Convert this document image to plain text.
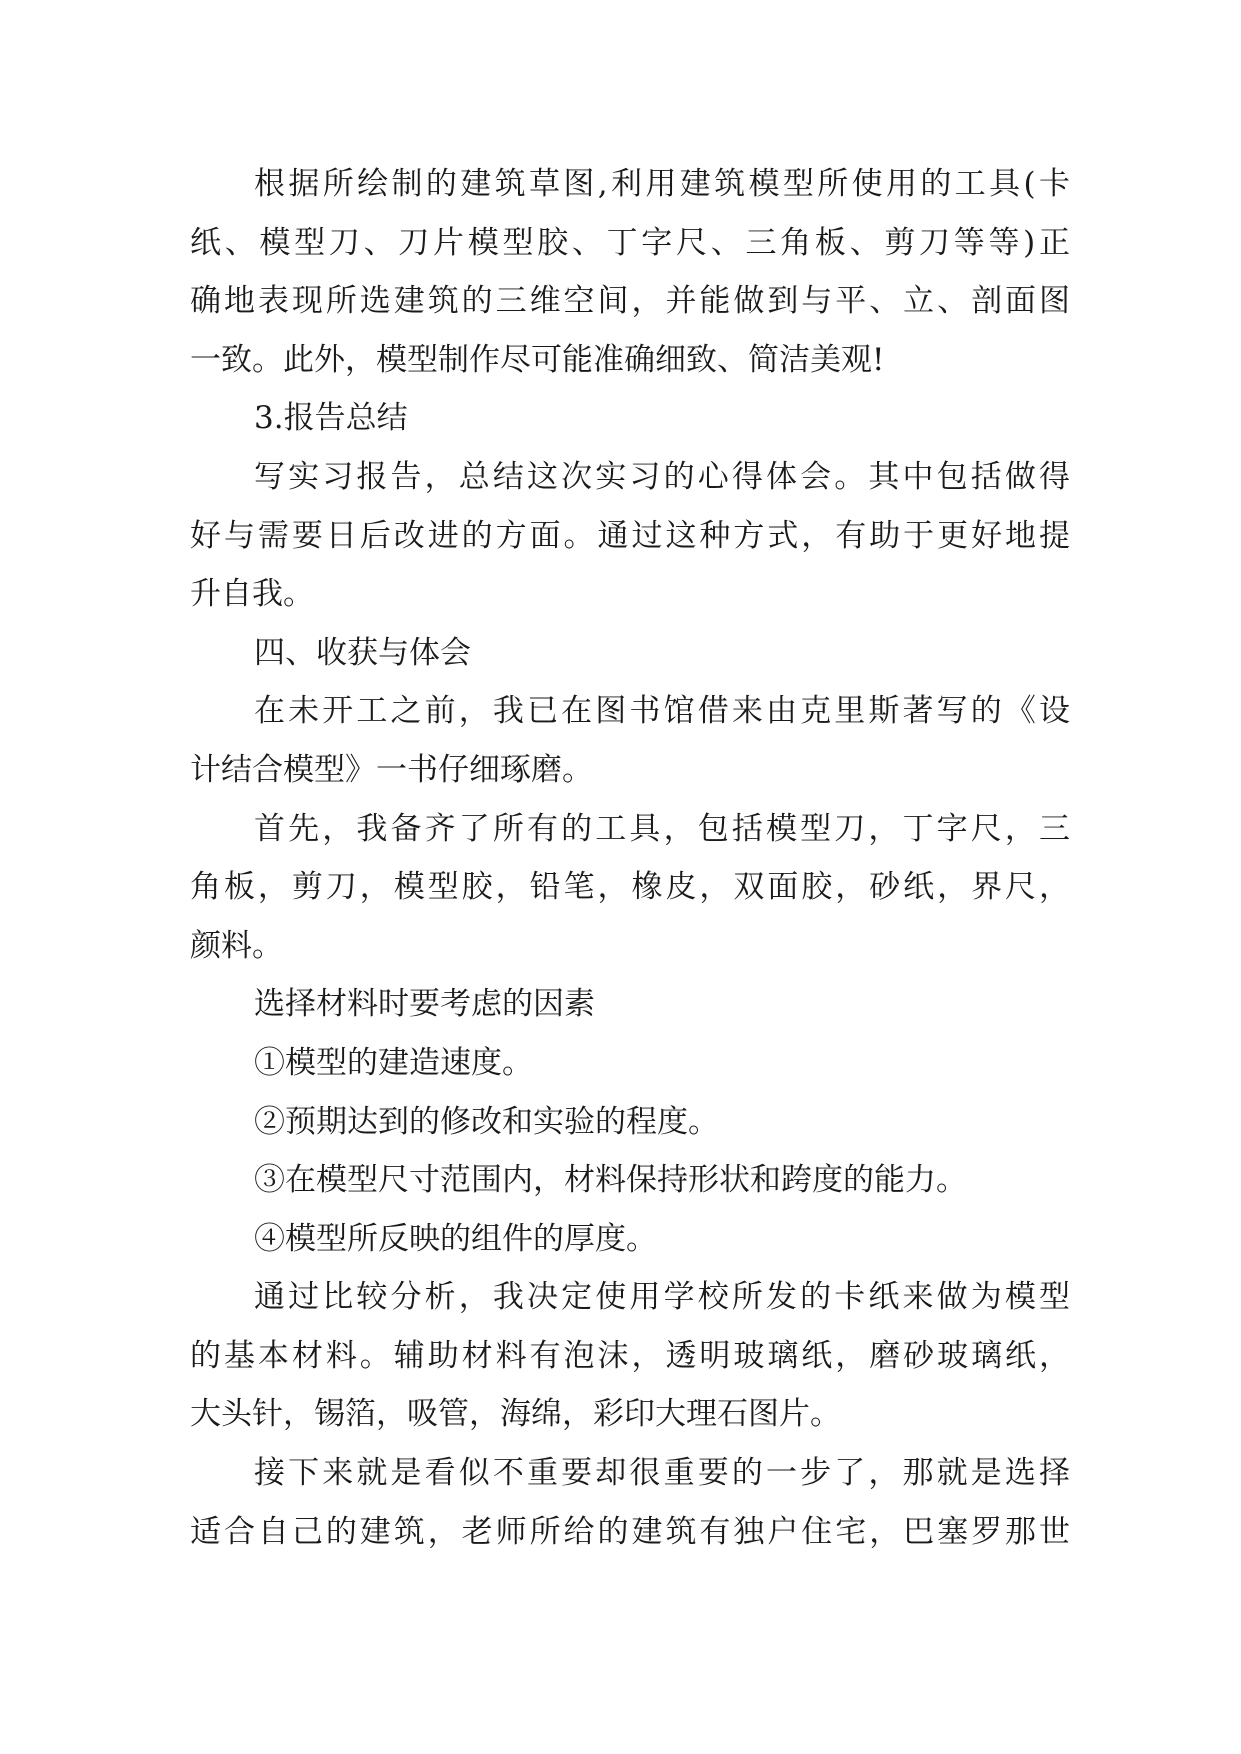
根据所绘制的建筑草图,利用建筑模型所使用的工具(卡
纸、模型刀、刀片模型胶、丁字尺、三角板、剪刀等等)正
确地表现所选建筑的三维空间，并能做到与平、立、剖面图
一致。此外，模型制作尽可能准确细致、简洁美观!
3.报告总结
写实习报告，总结这次实习的心得体会。其中包括做得
好与需要日后改进的方面。通过这种方式，有助于更好地提
升自我。
四、收获与体会
在未开工之前，我已在图书馆借来由克里斯著写的《设
计结合模型》一书仔细琢磨。
首先，我备齐了所有的工具，包括模型刀，丁字尺，三
角板，剪刀，模型胶，铅笔，橡皮，双面胶，砂纸，界尺，
颜料。
选择材料时要考虑的因素
①模型的建造速度。
②预期达到的修改和实验的程度。
③在模型尺寸范围内，材料保持形状和跨度的能力。
④模型所反映的组件的厚度。
通过比较分析，我决定使用学校所发的卡纸来做为模型
的基本材料。辅助材料有泡沫，透明玻璃纸，磨砂玻璃纸，
大头针，锡箔，吸管，海绵，彩印大理石图片。
接下来就是看似不重要却很重要的一步了，那就是选择
适合自己的建筑，老师所给的建筑有独户住宅，巴塞罗那世
